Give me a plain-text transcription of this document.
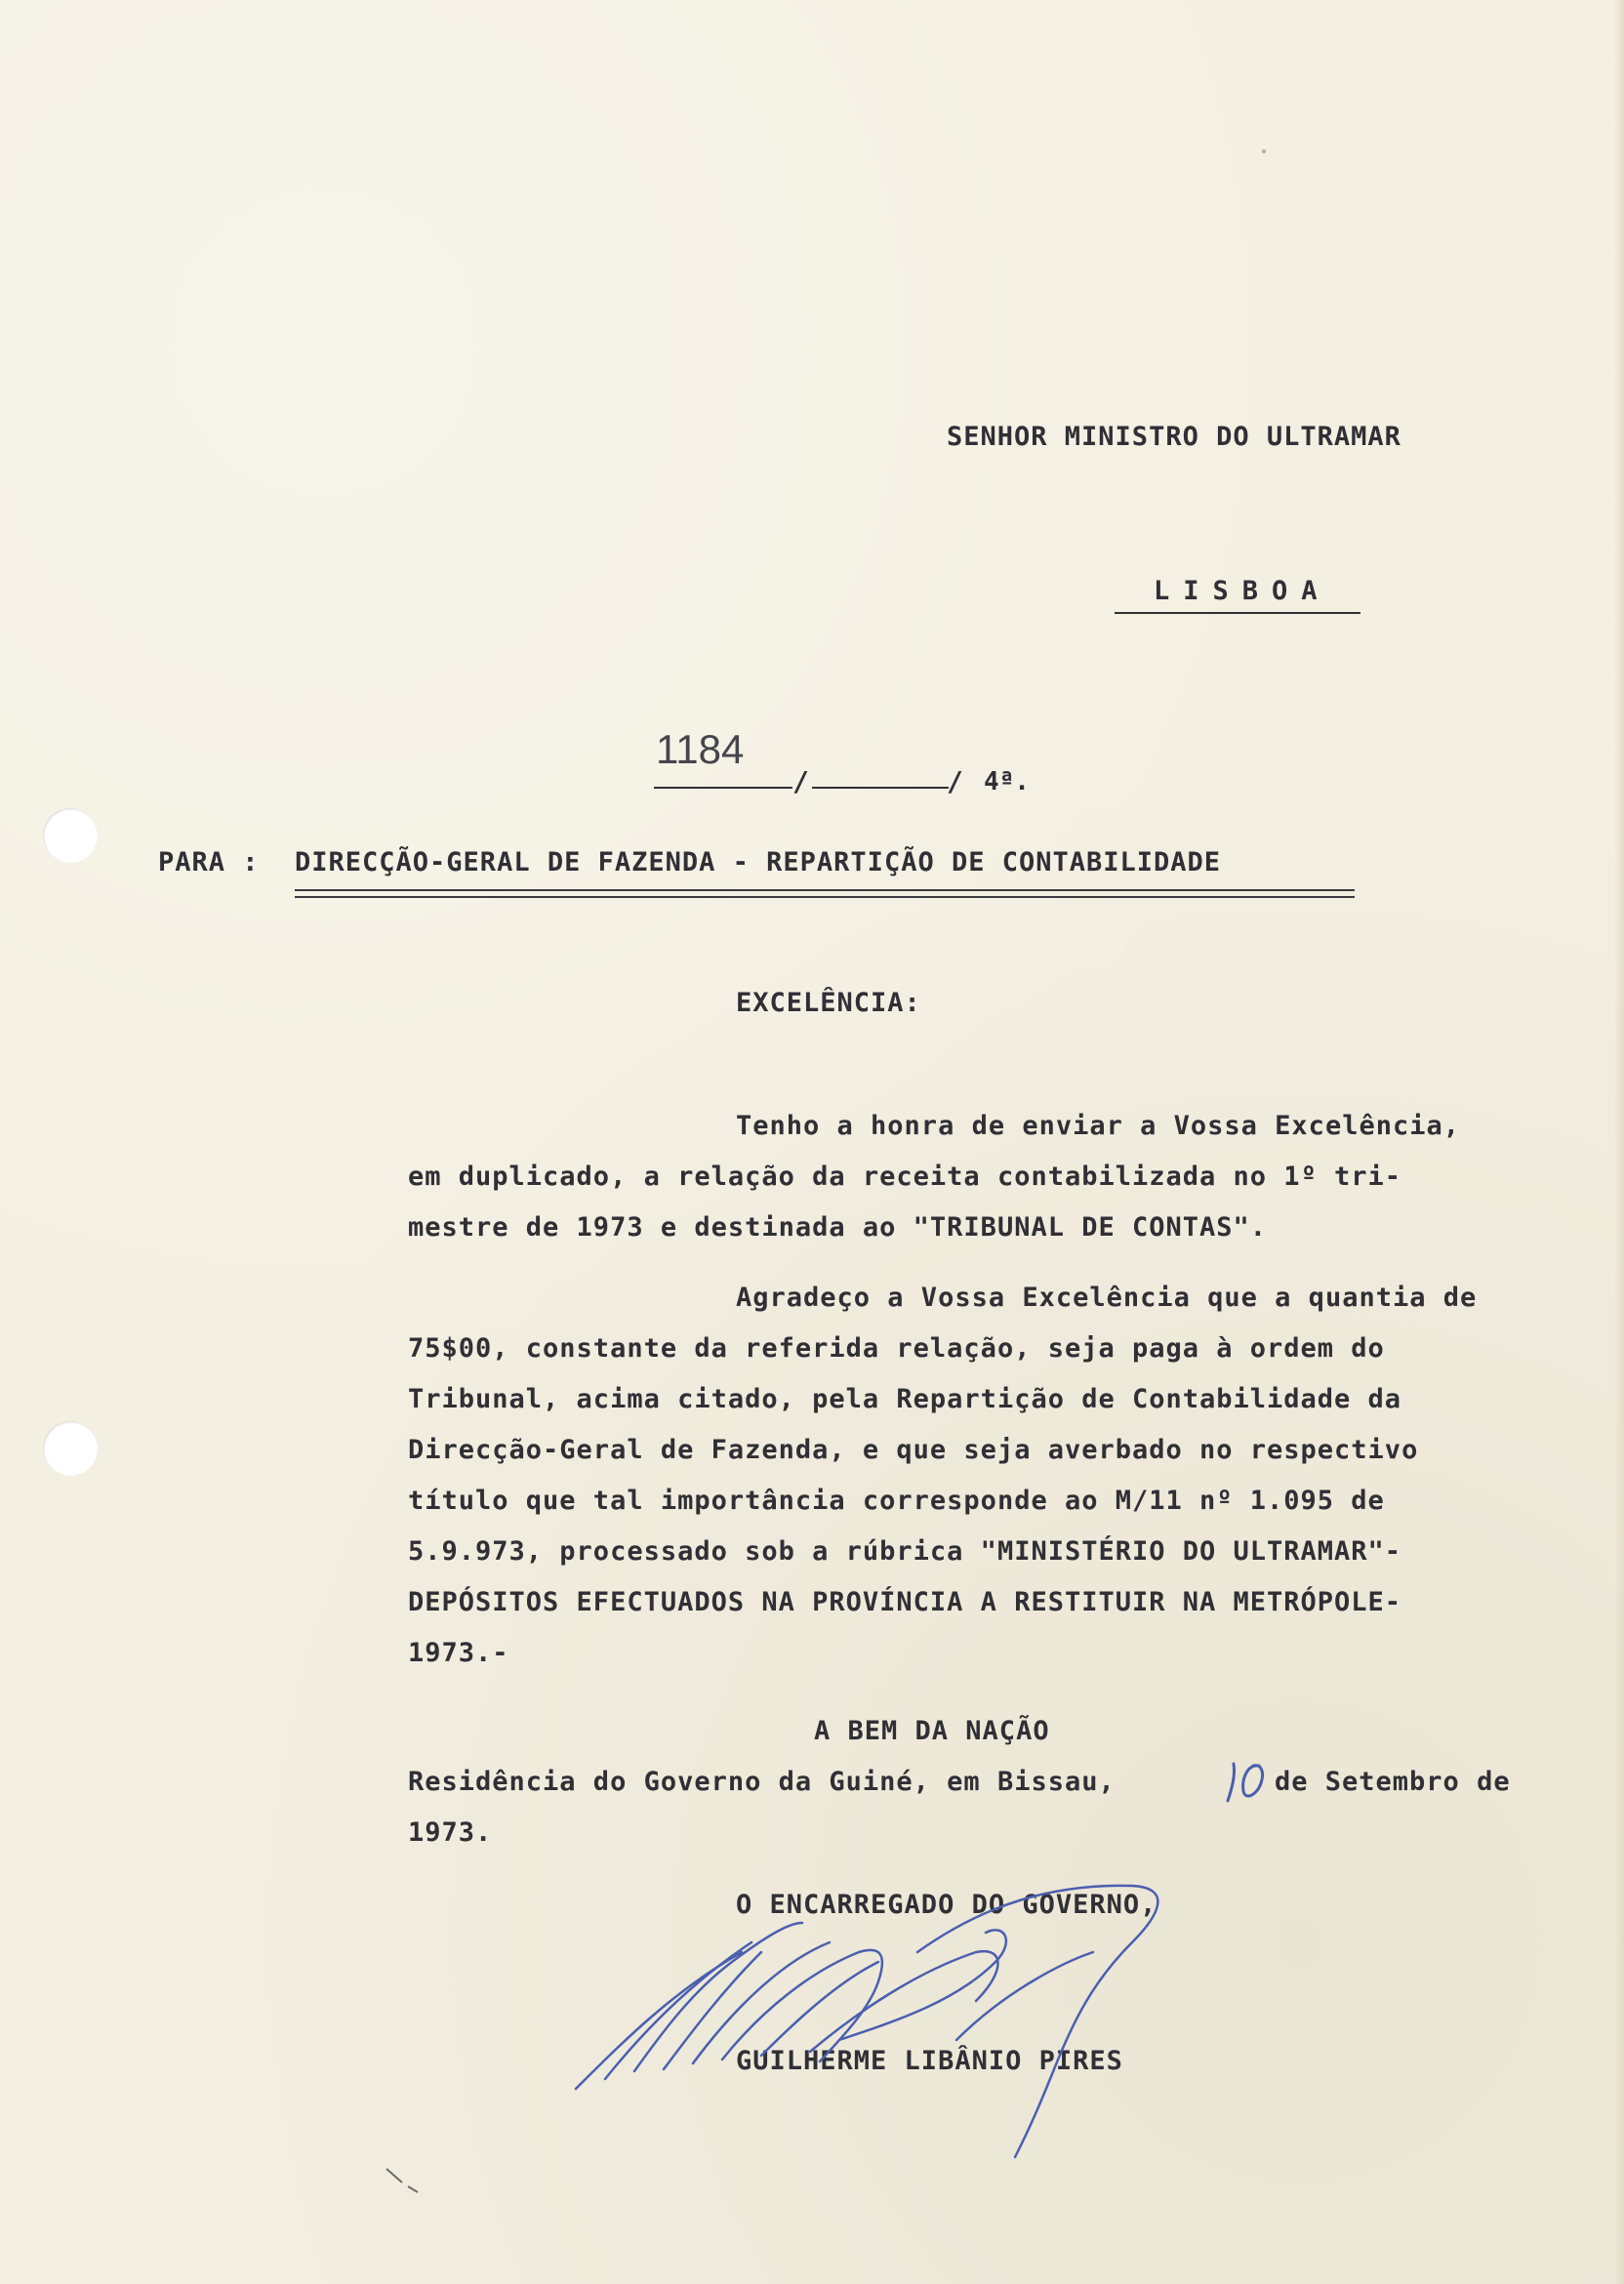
SENHOR MINISTRO DO ULTRAMAR
LISBOA
1184
/	/ 4ª.
PARA : DIRECÇÃO-GERAL DE FAZENDA - REPARTIÇÃO DE CONTABILIDADE
EXCELÊNCIA:
Tenho a honra de enviar a Vossa Excelência,
em duplicado, a relação da receita contabilizada no 1º tri-
mestre de 1973 e destinada ao "TRIBUNAL DE CONTAS".
Agradeço a Vossa Excelência que a quantia de
75$00, constante da referida relação, seja paga à ordem do
Tribunal, acima citado, pela Repartição de Contabilidade da
Direcção-Geral de Fazenda, e que seja averbado no respectivo
título que tal importância corresponde ao M/11 nº 1.095 de
5.9.973, processado sob a rúbrica "MINISTÉRIO DO ULTRAMAR"-
DEPÓSITOS EFECTUADOS NA PROVÍNCIA A RESTITUIR NA METRÓPOLE-
1973.-
A BEM DA NAÇÃO
Residência do Governo da Guiné, em Bissau,	de Setembro de
1973.
O ENCARREGADO DO GOVERNO,
GUILHERME LIBÂNIO PIRES
